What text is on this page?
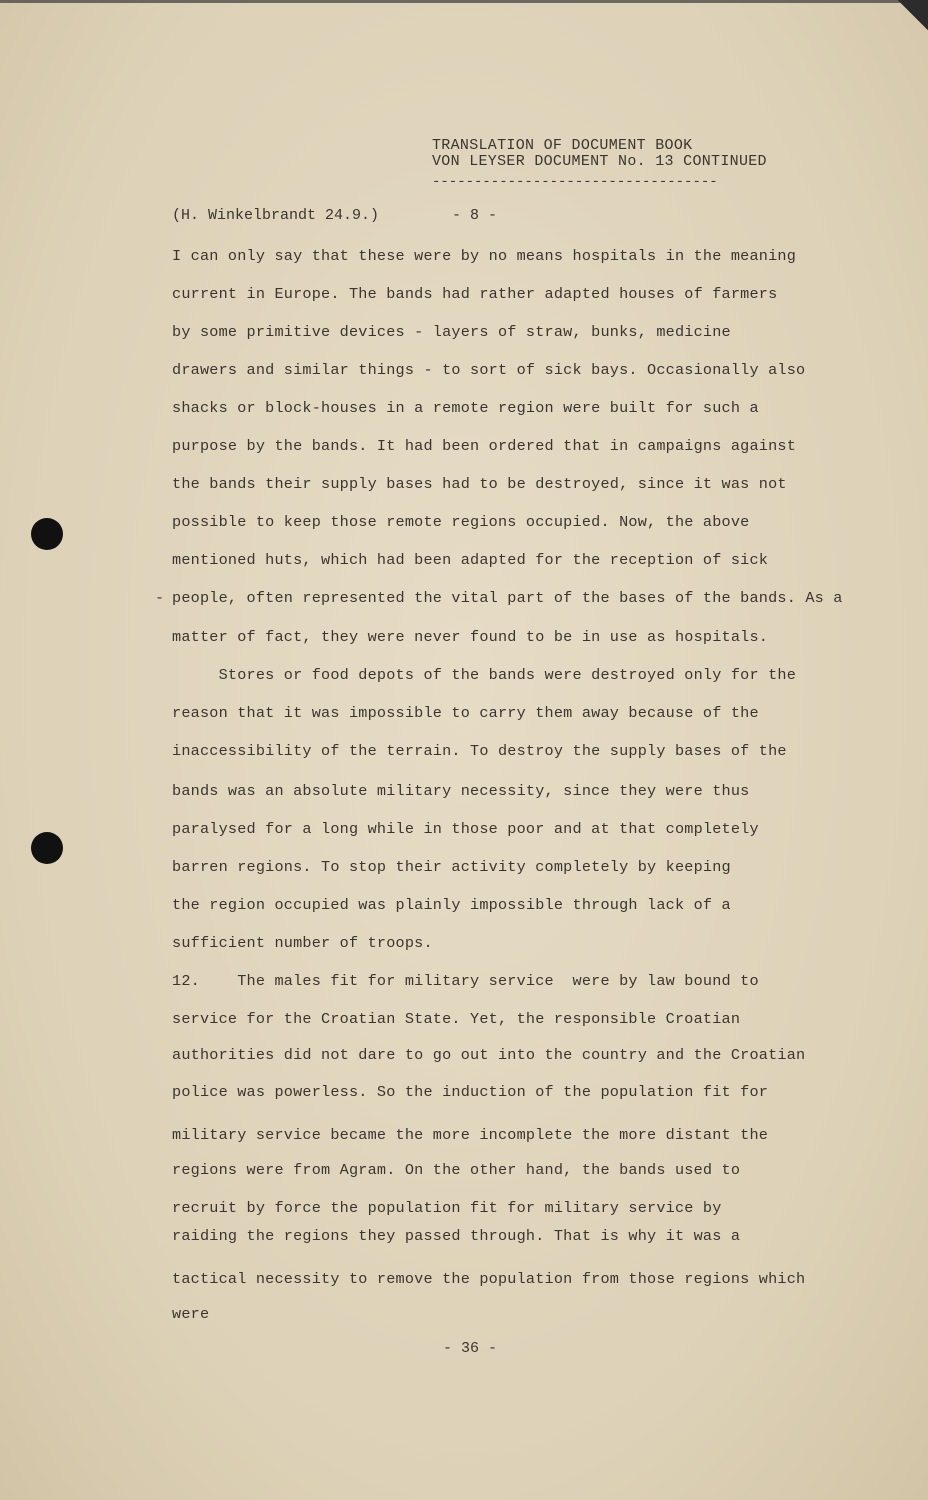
TRANSLATION OF DOCUMENT BOOK
VON LEYSER DOCUMENT No. 13 CONTINUED
----------------------------------
(H. Winkelbrandt 24.9.)	- 8 -
-
I can only say that these were by no means hospitals in the meaning
current in Europe. The bands had rather adapted houses of farmers
by some primitive devices - layers of straw, bunks, medicine
drawers and similar things - to sort of sick bays. Occasionally also
shacks or block-houses in a remote region were built for such a
purpose by the bands. It had been ordered that in campaigns against
the bands their supply bases had to be destroyed, since it was not
possible to keep those remote regions occupied. Now, the above
mentioned huts, which had been adapted for the reception of sick
people, often represented the vital part of the bases of the bands. As a
matter of fact, they were never found to be in use as hospitals.
Stores or food depots of the bands were destroyed only for the
reason that it was impossible to carry them away because of the
inaccessibility of the terrain. To destroy the supply bases of the
bands was an absolute military necessity, since they were thus
paralysed for a long while in those poor and at that completely
barren regions. To stop their activity completely by keeping
the region occupied was plainly impossible through lack of a
sufficient number of troops.
12.    The males fit for military service  were by law bound to
service for the Croatian State. Yet, the responsible Croatian
authorities did not dare to go out into the country and the Croatian
police was powerless. So the induction of the population fit for
military service became the more incomplete the more distant the
regions were from Agram. On the other hand, the bands used to
recruit by force the population fit for military service by
raiding the regions they passed through. That is why it was a
tactical necessity to remove the population from those regions which
were
- 36 -
